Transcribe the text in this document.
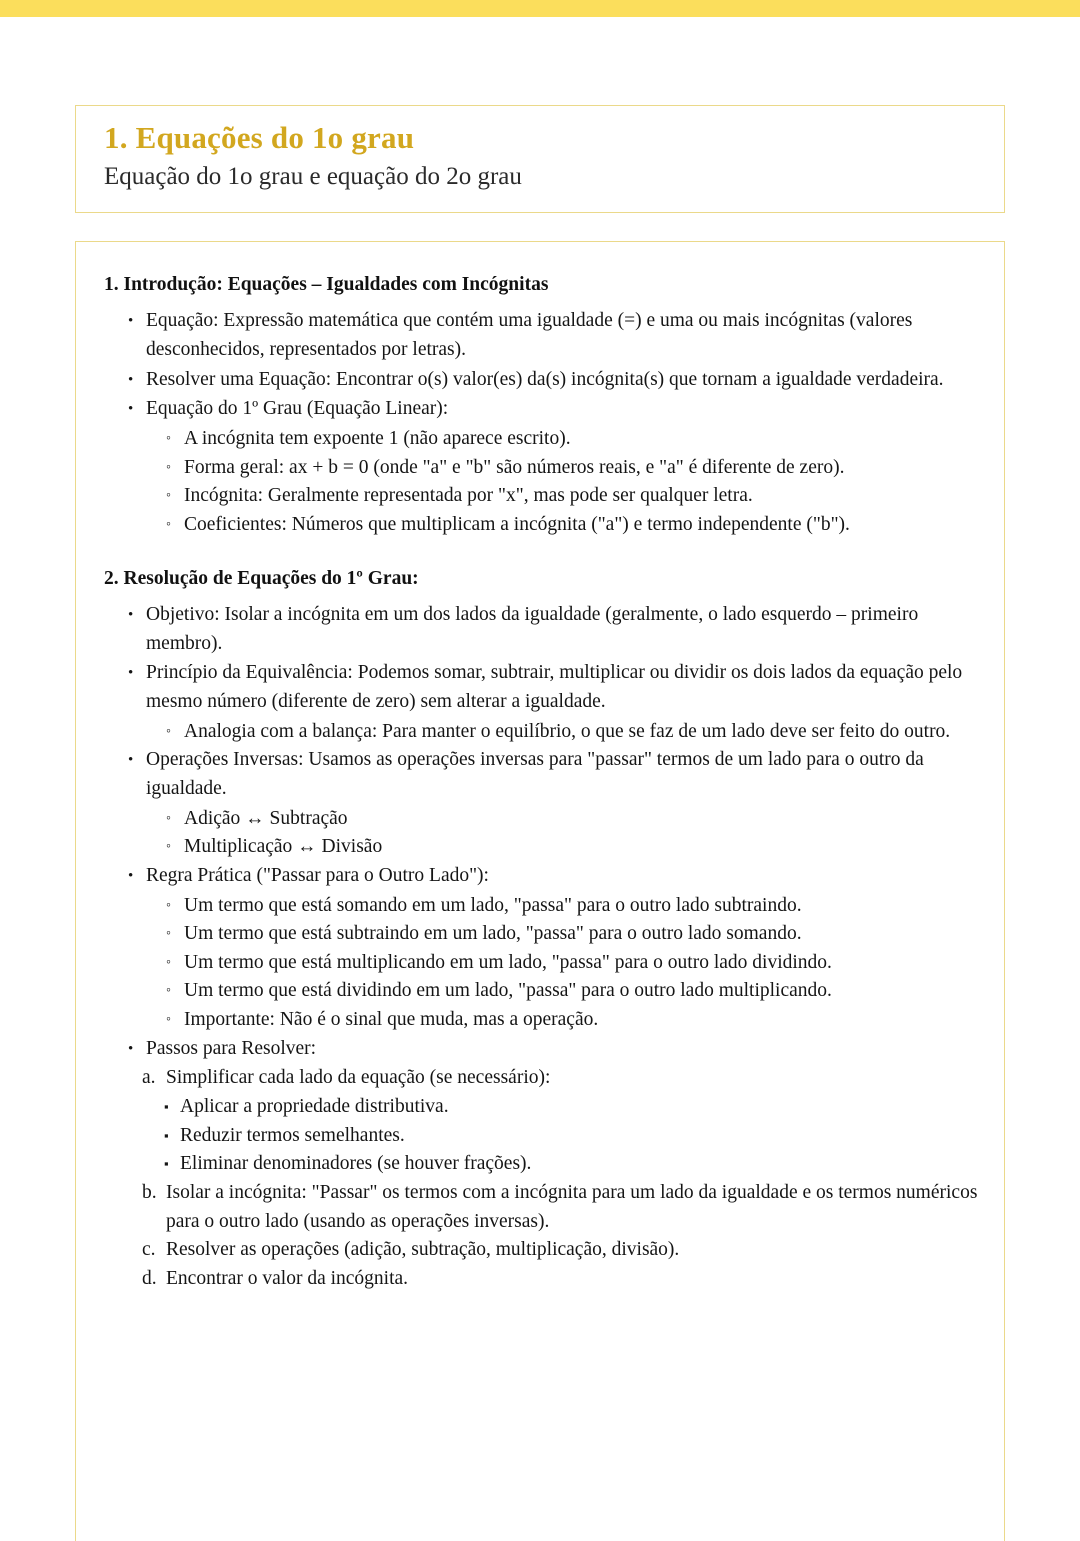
1. Equações do 1o grau
Equação do 1o grau e equação do 2o grau
1. Introdução: Equações – Igualdades com Incógnitas
• Equação: Expressão matemática que contém uma igualdade (=) e uma ou mais incógnitas (valores desconhecidos, representados por letras).
• Resolver uma Equação: Encontrar o(s) valor(es) da(s) incógnita(s) que tornam a igualdade verdadeira.
• Equação do 1º Grau (Equação Linear):
◦ A incógnita tem expoente 1 (não aparece escrito).
◦ Forma geral: ax + b = 0 (onde "a" e "b" são números reais, e "a" é diferente de zero).
◦ Incógnita: Geralmente representada por "x", mas pode ser qualquer letra.
◦ Coeficientes: Números que multiplicam a incógnita ("a") e termo independente ("b").
2. Resolução de Equações do 1º Grau:
• Objetivo: Isolar a incógnita em um dos lados da igualdade (geralmente, o lado esquerdo – primeiro membro).
• Princípio da Equivalência: Podemos somar, subtrair, multiplicar ou dividir os dois lados da equação pelo mesmo número (diferente de zero) sem alterar a igualdade.
◦ Analogia com a balança: Para manter o equilíbrio, o que se faz de um lado deve ser feito do outro.
• Operações Inversas: Usamos as operações inversas para "passar" termos de um lado para o outro da igualdade.
◦ Adição ↔ Subtração
◦ Multiplicação ↔ Divisão
• Regra Prática ("Passar para o Outro Lado"):
◦ Um termo que está somando em um lado, "passa" para o outro lado subtraindo.
◦ Um termo que está subtraindo em um lado, "passa" para o outro lado somando.
◦ Um termo que está multiplicando em um lado, "passa" para o outro lado dividindo.
◦ Um termo que está dividindo em um lado, "passa" para o outro lado multiplicando.
◦ Importante: Não é o sinal que muda, mas a operação.
• Passos para Resolver:
a. Simplificar cada lado da equação (se necessário):
▪ Aplicar a propriedade distributiva.
▪ Reduzir termos semelhantes.
▪ Eliminar denominadores (se houver frações).
b. Isolar a incógnita: "Passar" os termos com a incógnita para um lado da igualdade e os termos numéricos para o outro lado (usando as operações inversas).
c. Resolver as operações (adição, subtração, multiplicação, divisão).
d. Encontrar o valor da incógnita.
